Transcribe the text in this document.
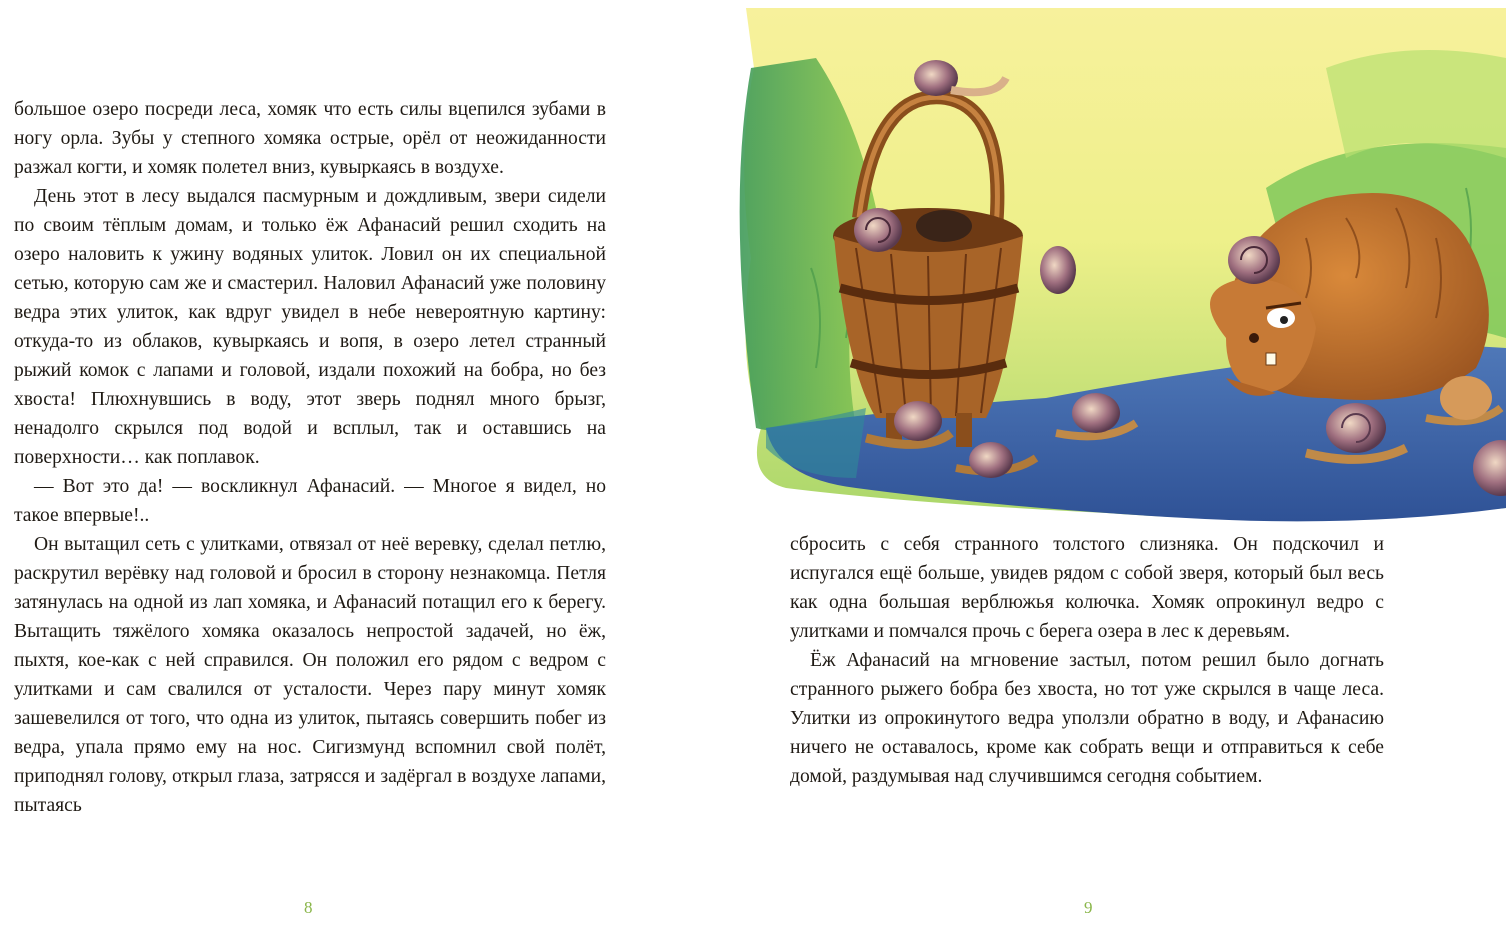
большое озеро посреди леса, хомяк что есть силы вцепился зубами в ногу орла. Зубы у степного хомяка острые, орёл от неожиданности разжал когти, и хомяк полетел вниз, кувыркаясь в воздухе.

День этот в лесу выдался пасмурным и дождливым, звери сидели по своим тёплым домам, и только ёж Афанасий решил сходить на озеро наловить к ужину водяных улиток. Ловил он их специальной сетью, которую сам же и смастерил. Наловил Афанасий уже половину ведра этих улиток, как вдруг увидел в небе невероятную картину: откуда-то из облаков, кувыркаясь и вопя, в озеро летел странный рыжий комок с лапами и головой, издали похожий на бобра, но без хвоста! Плюхнувшись в воду, этот зверь поднял много брызг, ненадолго скрылся под водой и всплыл, так и оставшись на поверхности… как поплавок.

— Вот это да! — воскликнул Афанасий. — Многое я видел, но такое впервые!..

Он вытащил сеть с улитками, отвязал от неё веревку, сделал петлю, раскрутил верёвку над головой и бросил в сторону незнакомца. Петля затянулась на одной из лап хомяка, и Афанасий потащил его к берегу. Вытащить тяжёлого хомяка оказалось непростой задачей, но ёж, пыхтя, кое-как с ней справился. Он положил его рядом с ведром с улитками и сам свалился от усталости. Через пару минут хомяк зашевелился от того, что одна из улиток, пытаясь совершить побег из ведра, упала прямо ему на нос. Сигизмунд вспомнил свой полёт, приподнял голову, открыл глаза, затрясся и задёргал в воздухе лапами, пытаясь

8

сбросить с себя странного толстого слизняка. Он подскочил и испугался ещё больше, увидев рядом с собой зверя, который был весь как одна большая верблюжья колючка. Хомяк опрокинул ведро с улитками и помчался прочь с берега озера в лес к деревьям.

Ёж Афанасий на мгновение застыл, потом решил было догнать странного рыжего бобра без хвоста, но тот уже скрылся в чаще леса. Улитки из опрокинутого ведра уползли обратно в воду, и Афанасию ничего не оставалось, кроме как собрать вещи и отправиться к себе домой, раздумывая над случившимся сегодня событием.

9
